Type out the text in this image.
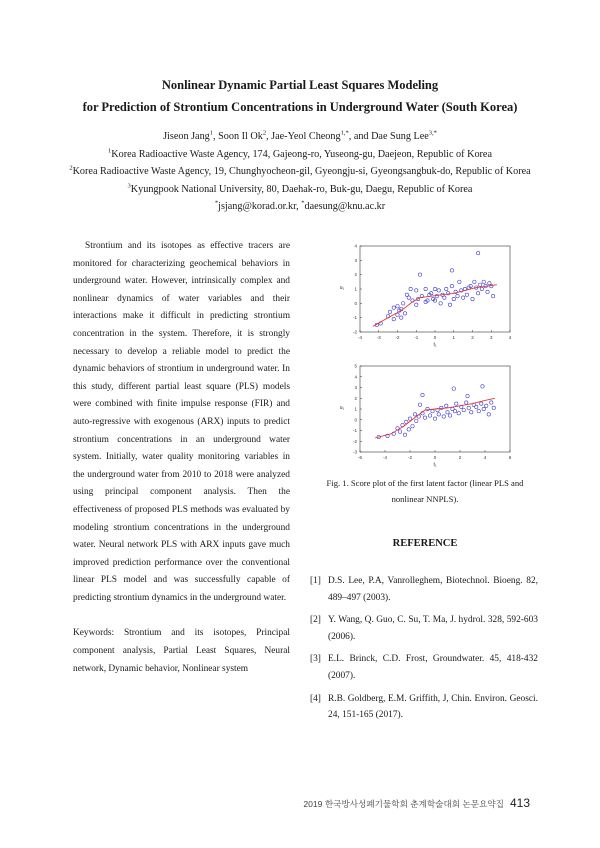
Nonlinear Dynamic Partial Least Squares Modeling
for Prediction of Strontium Concentrations in Underground Water (South Korea)
Jiseon Jang$^1$, Soon Il Ok$^2$, Jae-Yeol Cheong$^{1,*}$, and Dae Sung Lee$^{3,*}$
$^1$Korea Radioactive Waste Agency, 174, Gajeong-ro, Yuseong-gu, Daejeon, Republic of Korea
$^2$Korea Radioactive Waste Agency, 19, Chunghyocheon-gil, Gyeongju-si, Gyeongsangbuk-do, Republic of Korea
$^3$Kyungpook National University, 80, Daehak-ro, Buk-gu, Daegu, Republic of Korea
*jsjang@korad.or.kr, *daesung@knu.ac.kr

Strontium and its isotopes as effective tracers are monitored for characterizing geochemical behaviors in underground water. However, intrinsically complex and nonlinear dynamics of water variables and their interactions make it difficult in predicting strontium concentration in the system. Therefore, it is strongly necessary to develop a reliable model to predict the dynamic behaviors of strontium in underground water. In this study, different partial least square (PLS) models were combined with finite impulse response (FIR) and auto-regressive with exogenous (ARX) inputs to predict strontium concentrations in an underground water system. Initially, water quality monitoring variables in the underground water from 2010 to 2018 were analyzed using principal component analysis. Then the effectiveness of proposed PLS methods was evaluated by modeling strontium concentrations in the underground water. Neural network PLS with ARX inputs gave much improved prediction performance over the conventional linear PLS model and was successfully capable of predicting strontium dynamics in the underground water.

Keywords: Strontium and its isotopes, Principal component analysis, Partial Least Squares, Neural network, Dynamic behavior, Nonlinear system

-4	-3	-2	-1	0	1	2	3	4
-2
-1
0
1
2
3
4
t₁
u₁
-6	-4	-2	0	2	4	6
-3
-2
-1
0
1
2
3
4
5
t₁
u₁
Fig. 1. Score plot of the first latent factor (linear PLS and nonlinear NNPLS).
REFERENCE
[1] D.S. Lee, P.A, Vanrolleghem, Biotechnol. Bioeng. 82, 489–497 (2003).
[2] Y. Wang, Q. Guo, C. Su, T. Ma, J. hydrol. 328, 592-603 (2006).
[3] E.L. Brinck, C.D. Frost, Groundwater. 45, 418-432 (2007).
[4] R.B. Goldberg, E.M. Griffith, J, Chin. Environ. Geosci. 24, 151-165 (2017).
2019 한국방사성폐기물학회 춘계학술대회 논문요약집 413
